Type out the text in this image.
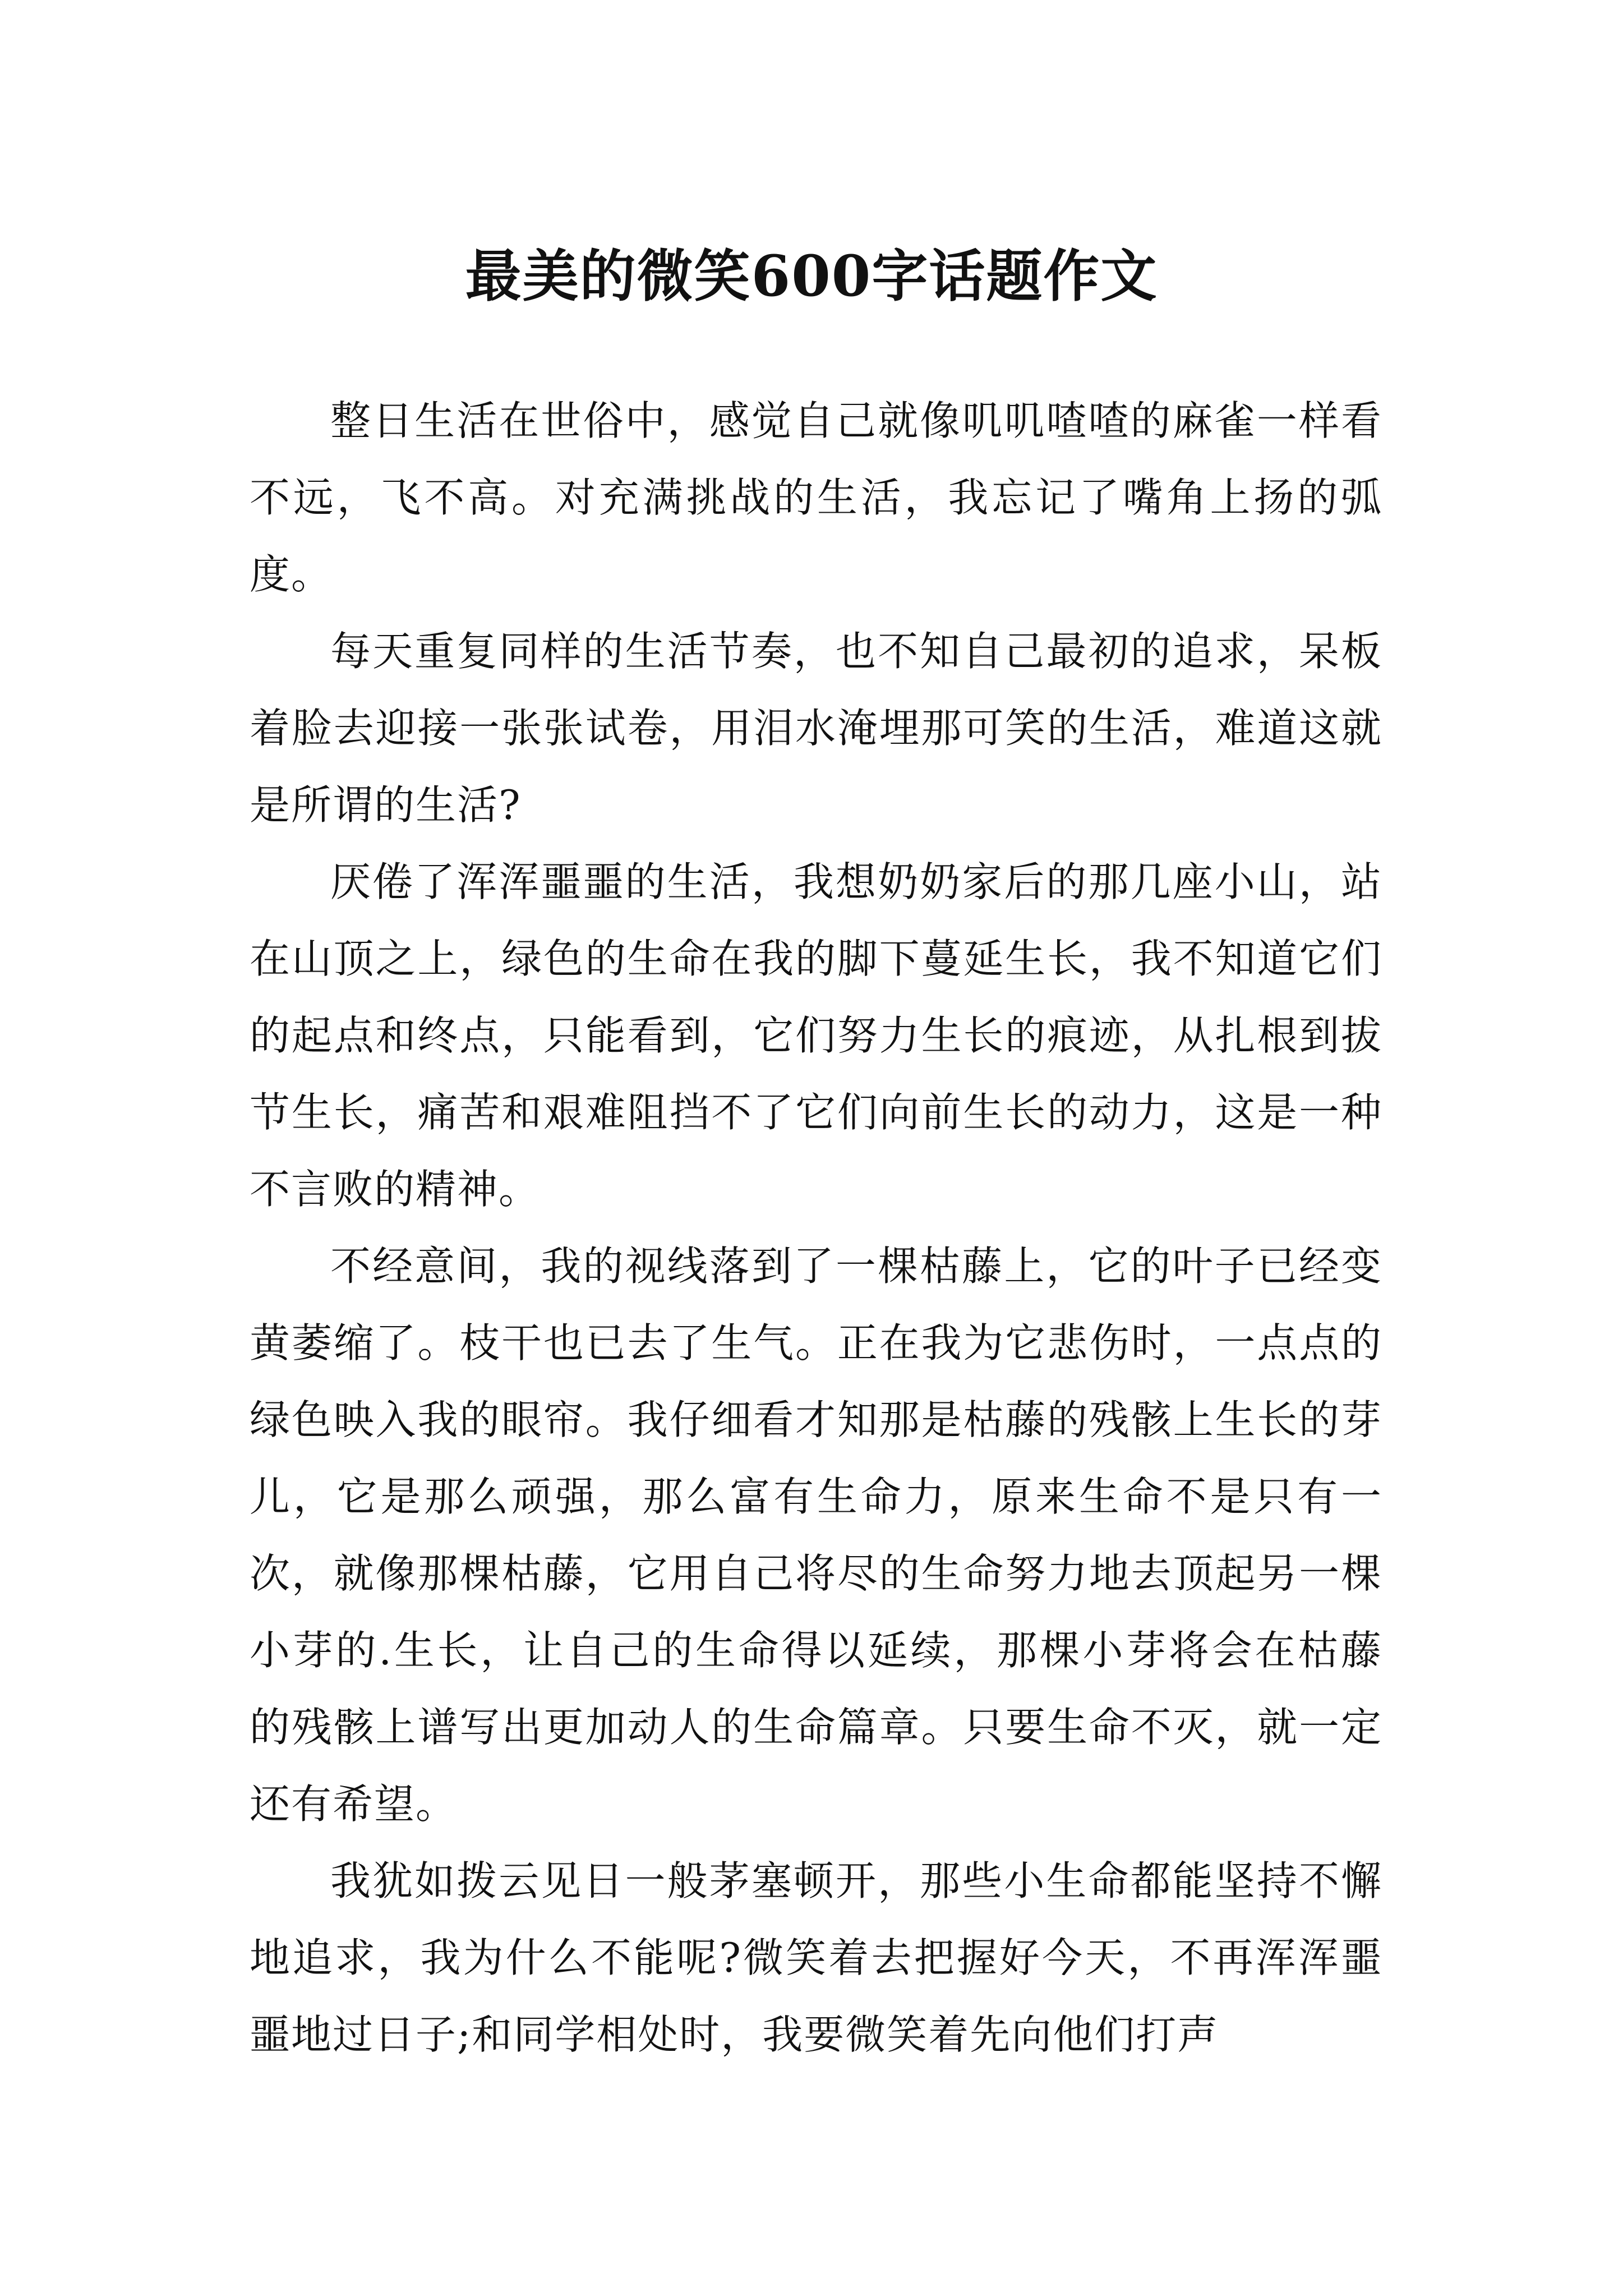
最美的微笑600字话题作文

整日生活在世俗中，感觉自己就像叽叽喳喳的麻雀一样看不远，飞不高。对充满挑战的生活，我忘记了嘴角上扬的弧度。

每天重复同样的生活节奏，也不知自己最初的追求，呆板着脸去迎接一张张试卷，用泪水淹埋那可笑的生活，难道这就是所谓的生活?

厌倦了浑浑噩噩的生活，我想奶奶家后的那几座小山，站在山顶之上，绿色的生命在我的脚下蔓延生长，我不知道它们的起点和终点，只能看到，它们努力生长的痕迹，从扎根到拔节生长，痛苦和艰难阻挡不了它们向前生长的动力，这是一种不言败的精神。

不经意间，我的视线落到了一棵枯藤上，它的叶子已经变黄萎缩了。枝干也已去了生气。正在我为它悲伤时，一点点的绿色映入我的眼帘。我仔细看才知那是枯藤的残骸上生长的芽儿，它是那么顽强，那么富有生命力，原来生命不是只有一次，就像那棵枯藤，它用自己将尽的生命努力地去顶起另一棵小芽的.生长，让自己的生命得以延续，那棵小芽将会在枯藤的残骸上谱写出更加动人的生命篇章。只要生命不灭，就一定还有希望。

我犹如拨云见日一般茅塞顿开，那些小生命都能坚持不懈地追求，我为什么不能呢?微笑着去把握好今天，不再浑浑噩噩地过日子;和同学相处时，我要微笑着先向他们打声
